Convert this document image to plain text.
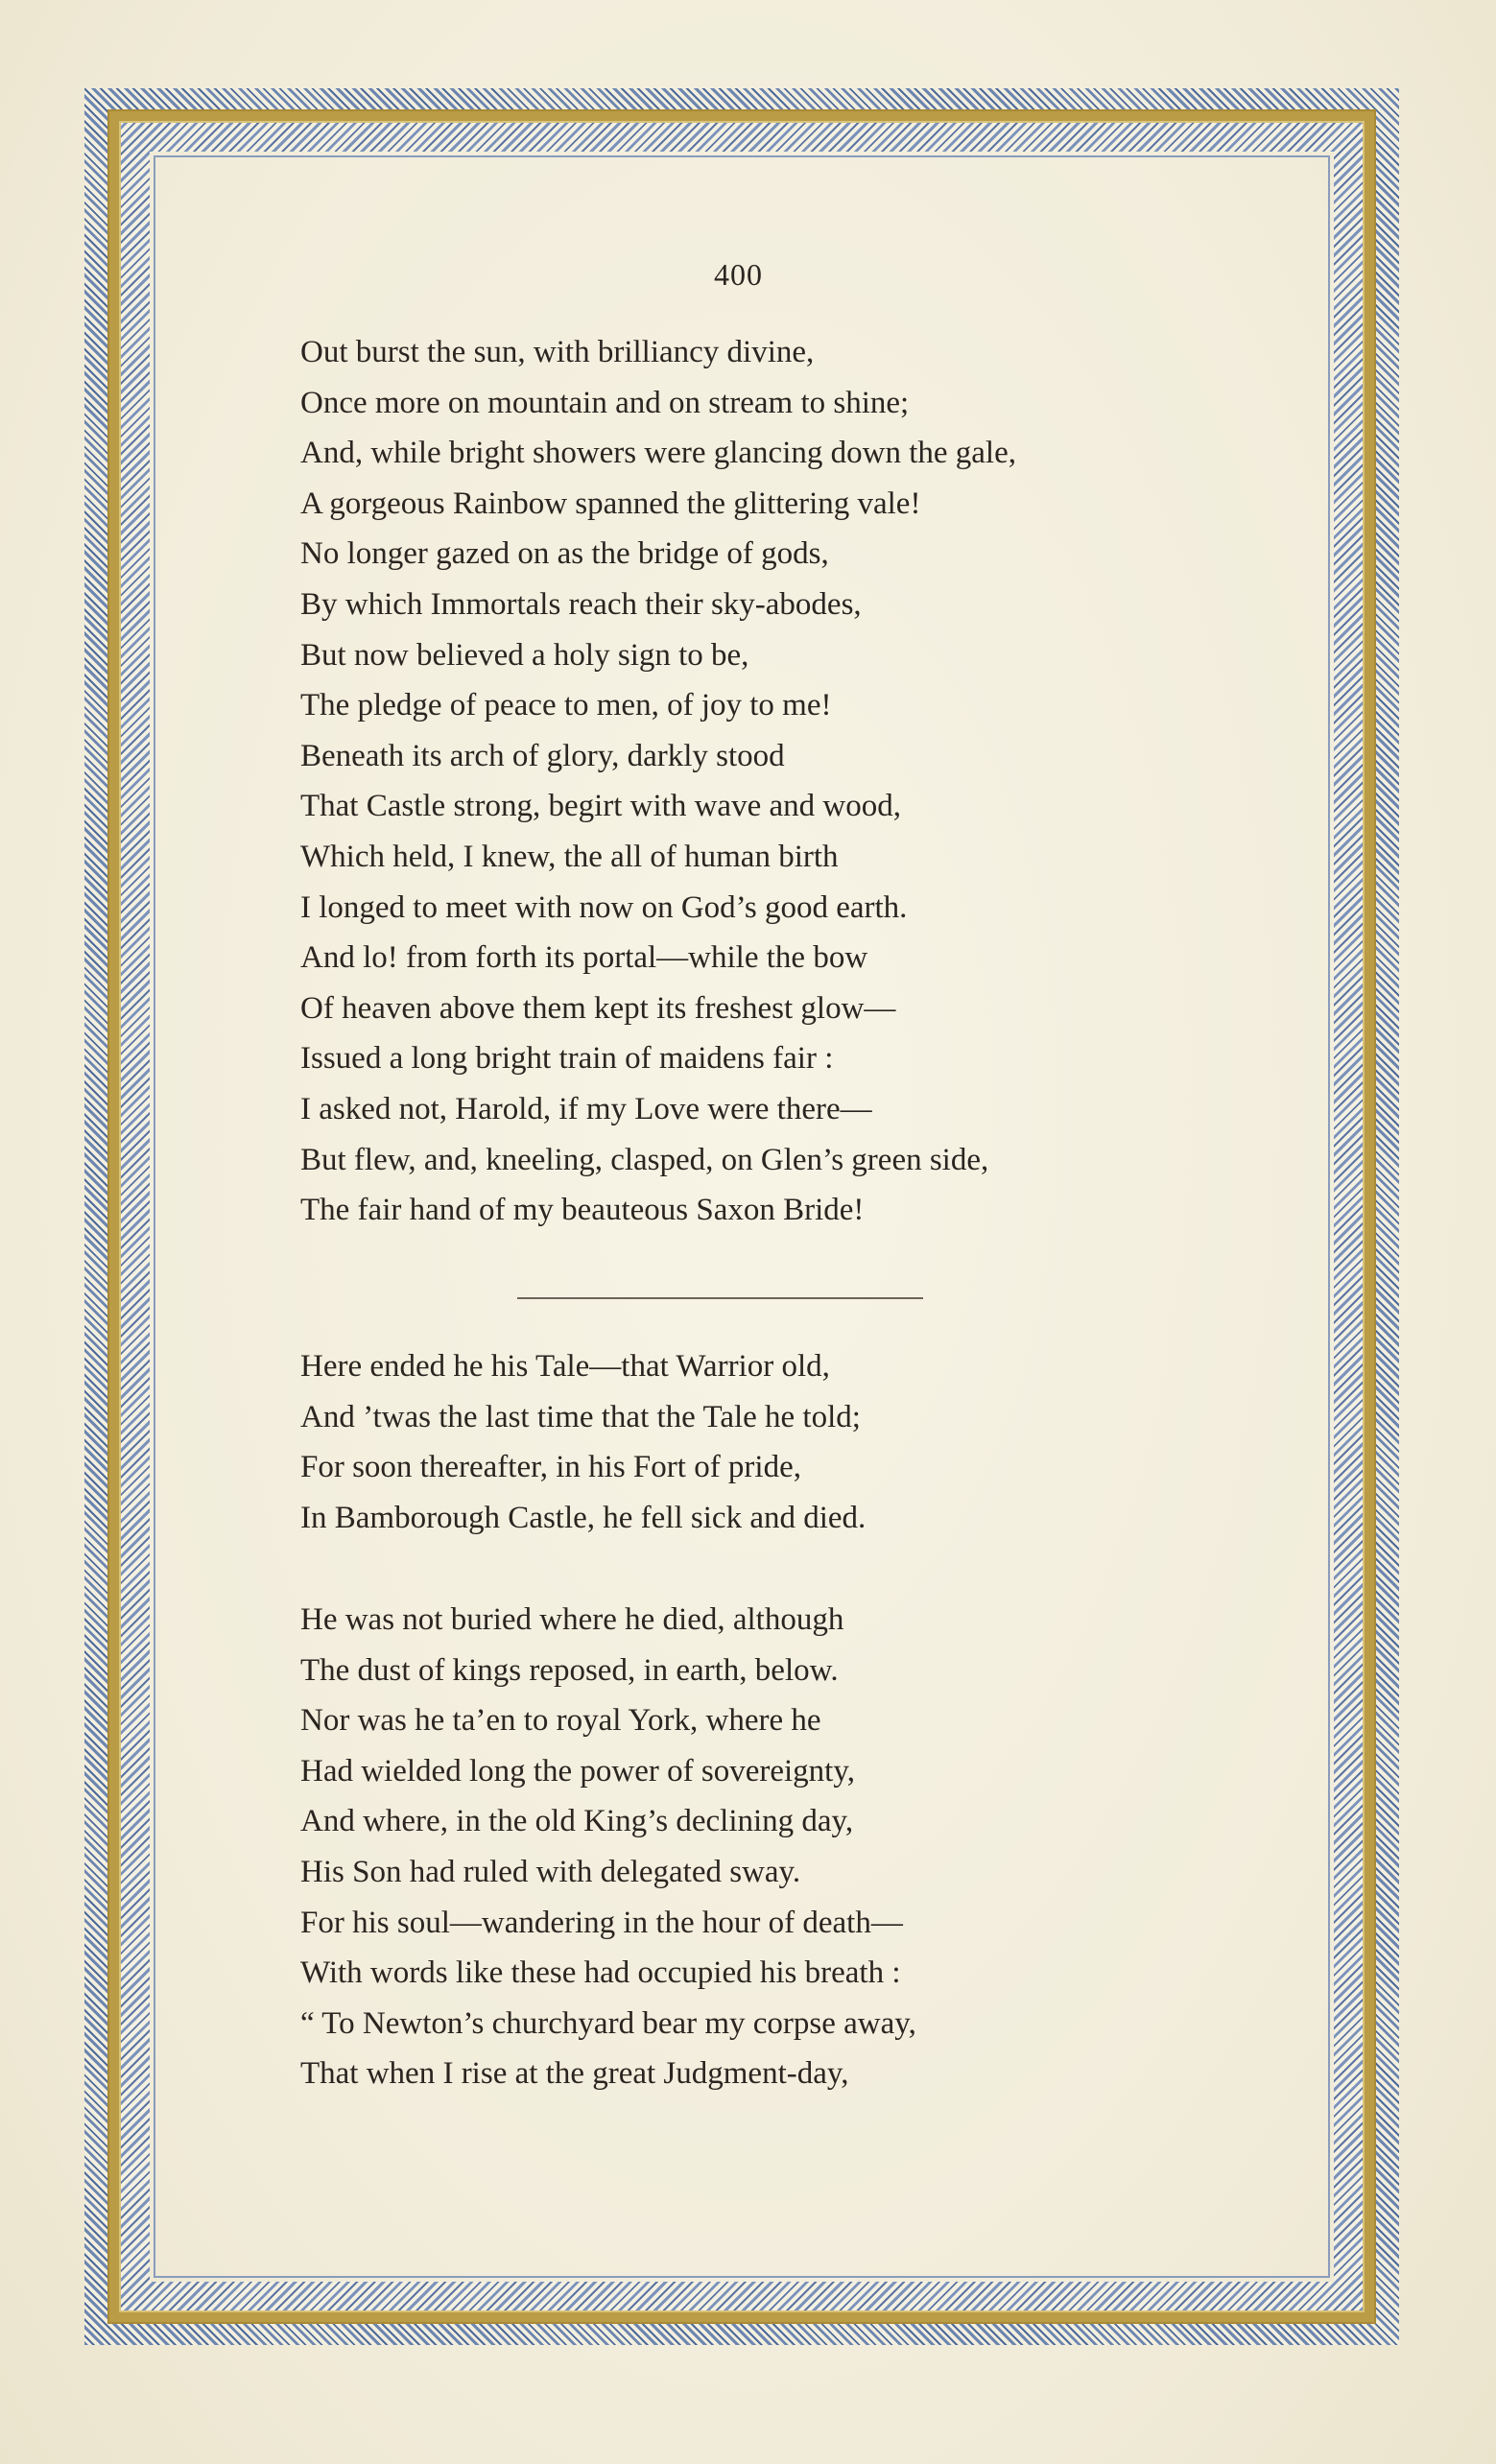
400
Out burst the sun, with brilliancy divine,
Once more on mountain and on stream to shine;
And, while bright showers were glancing down the gale,
A gorgeous Rainbow spanned the glittering vale!
No longer gazed on as the bridge of gods,
By which Immortals reach their sky-abodes,
But now believed a holy sign to be,
The pledge of peace to men, of joy to me!
Beneath its arch of glory, darkly stood
That Castle strong, begirt with wave and wood,
Which held, I knew, the all of human birth
I longed to meet with now on God’s good earth.
And lo! from forth its portal—while the bow
Of heaven above them kept its freshest glow—
Issued a long bright train of maidens fair :
I asked not, Harold, if my Love were there—
But flew, and, kneeling, clasped, on Glen’s green side,
The fair hand of my beauteous Saxon Bride!
Here ended he his Tale—that Warrior old,
And ’twas the last time that the Tale he told;
For soon thereafter, in his Fort of pride,
In Bamborough Castle, he fell sick and died.
He was not buried where he died, although
The dust of kings reposed, in earth, below.
Nor was he ta’en to royal York, where he
Had wielded long the power of sovereignty,
And where, in the old King’s declining day,
His Son had ruled with delegated sway.
For his soul—wandering in the hour of death—
With words like these had occupied his breath :
“ To Newton’s churchyard bear my corpse away,
That when I rise at the great Judgment-day,
